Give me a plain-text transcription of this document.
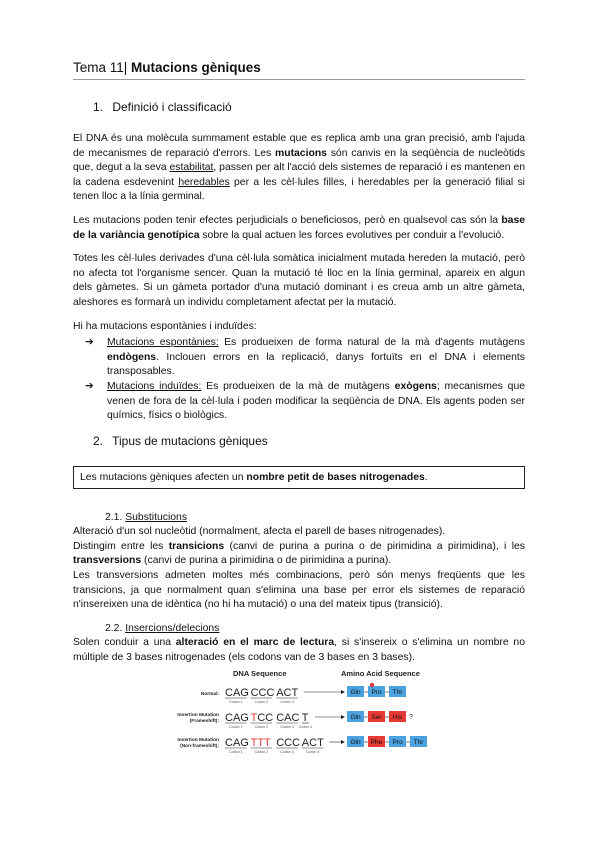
Tema 11| Mutacions gèniques
1. Definició i classificació

El DNA és una molècula summament estable que es replica amb una gran precisió, amb l'ajuda de mecanismes de reparació d'errors. Les mutacions són canvis en la seqüència de nucleòtids que, degut a la seva estabilitat, passen per alt l'acció dels sistemes de reparació i es mantenen en la cadena esdevenint heredables per a les cèl·lules filles, i heredables per la generació filial si tenen lloc a la línia germinal.

Les mutacions poden tenir efectes perjudicials o beneficiosos, però en qualsevol cas són la base de la variància genotípica sobre la qual actuen les forces evolutives per conduir a l'evolució.

Totes les cèl·lules derivades d'una cèl·lula somàtica inicialment mutada hereden la mutació, però no afecta tot l'organisme sencer. Quan la mutació té lloc en la línia germinal, apareix en algun dels gàmetes. Si un gàmeta portador d'una mutació dominant i es creua amb un altre gàmeta, aleshores es formarà un individu completament afectat per la mutació.

Hi ha mutacions espontànies i induïdes:

➔ Mutacions espontànies: Es produeixen de forma natural de la mà d'agents mutàgens endògens. Inclouen errors en la replicació, danys fortuïts en el DNA i elements transposables.
➔ Mutacions induïdes: Es produeixen de la mà de mutàgens exògens; mecanismes que venen de fora de la cèl·lula i poden modificar la seqüència de DNA. Els agents poden ser químics, físics o biològics.
2. Tipus de mutacions gèniques
Les mutacions gèniques afecten un nombre petit de bases nitrogenades.
2.1. Substitucions

Alteració d'un sol nucleòtid (normalment, afecta el parell de bases nitrogenades).

Distingim entre les transicions (canvi de purina a purina o de pirimidina a pirimidina), i les transversions (canvi de purina a pirimidina o de pirimidina a purina).

Les transversions admeten moltes més combinacions, però són menys freqüents que les transicions, ja que normalment quan s'elimina una base per error els sistemes de reparació n'insereixen una de idèntica (no hi ha mutació) o una del mateix tipus (transició).

2.2. Insercions/delecions

Solen conduir a una alteració en el marc de lectura, si s'insereix o s'elimina un nombre no múltiple de 3 bases nitrogenades (els codons van de 3 bases en 3 bases).

DNA Sequence	Amino Acid Sequence
Normal: CAG
Codon 1
CCC
Codon 2
ACT
Codon 3
Gln Pro Thr
Insertion Mutation
(Frameshift): CAG
Codon 1
TCC
Codon 2
CAC
Codon 3
T
Codon 4
Gln Ser His ?
Insertion Mutation
(Non-frameshift): CAG
Codon 1
TTT
Codon 2
CCC
Codon 3
ACT
Codon 4
Gln Phe Pro Thr
